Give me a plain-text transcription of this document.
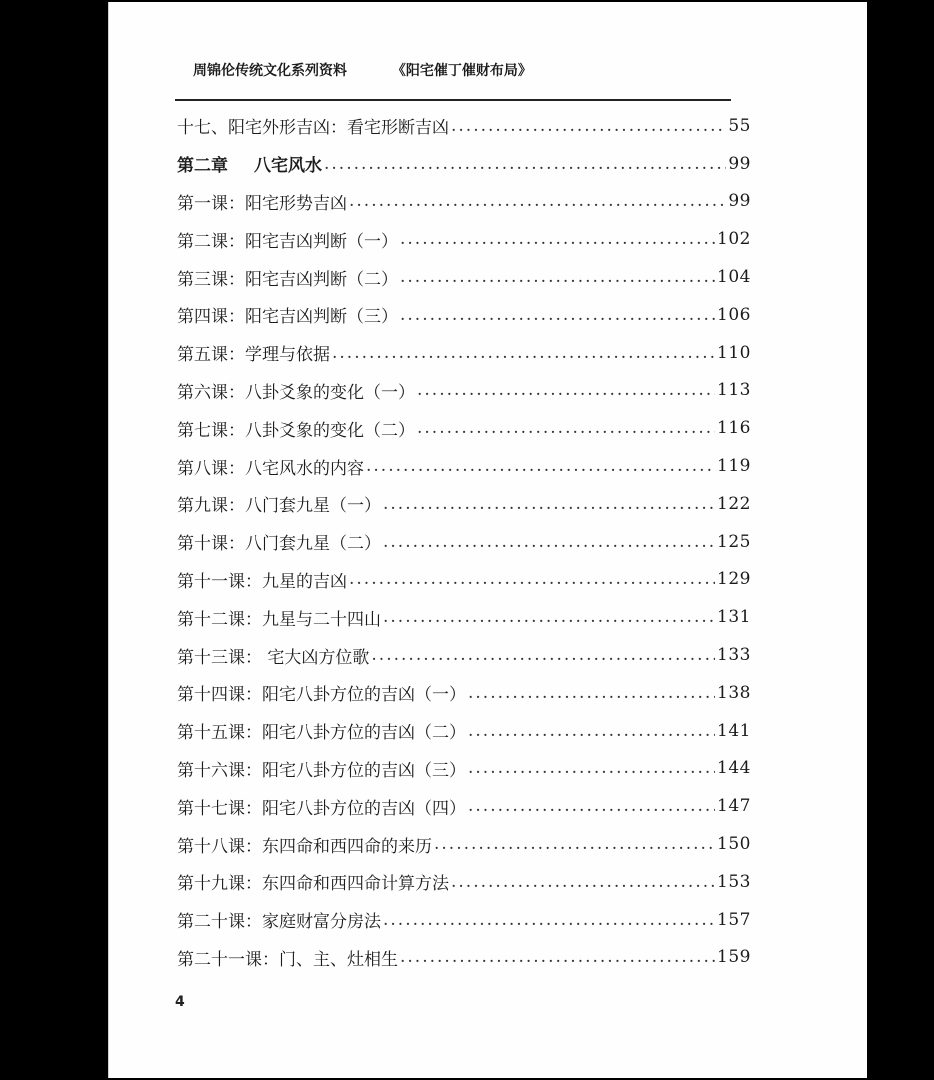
周锦伦传统文化系列资料	《阳宅催丁催财布局》
十七、阳宅外形吉凶：看宅形断吉凶 .....	55
第二章 八宅风水 .....	99
第一课：阳宅形势吉凶 .....	99
第二课：阳宅吉凶判断（一） .....	102
第三课：阳宅吉凶判断（二） .....	104
第四课：阳宅吉凶判断（三） .....	106
第五课：学理与依据 .....	110
第六课：八卦爻象的变化（一） .....	113
第七课：八卦爻象的变化（二） .....	116
第八课：八宅风水的内容 .....	119
第九课：八门套九星（一） .....	122
第十课：八门套九星（二） .....	125
第十一课：九星的吉凶 .....	129
第十二课：九星与二十四山 .....	131
第十三课： 宅大凶方位歌 .....	133
第十四课：阳宅八卦方位的吉凶（一） .....	138
第十五课：阳宅八卦方位的吉凶（二） .....	141
第十六课：阳宅八卦方位的吉凶（三） .....	144
第十七课：阳宅八卦方位的吉凶（四） .....	147
第十八课：东四命和西四命的来历 .....	150
第十九课：东四命和西四命计算方法 .....	153
第二十课：家庭财富分房法 .....	157
第二十一课：门、主、灶相生 .....	159
4
